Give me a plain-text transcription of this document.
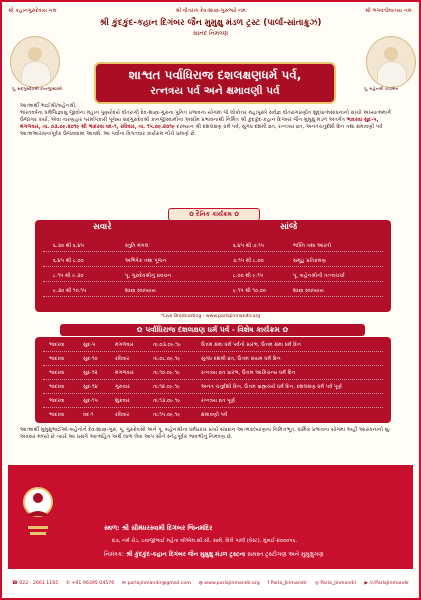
શ્રી કહાનગુરુદેવાય નમઃ	શ્રી વીતરાગ દેવ-શાસ્ત્ર-ગુરુભ્યો નમઃ	શ્રી ભગવતીમાતાય નમઃ
શ્રી કુંદકુંદ-કહાન દિગંબર જૈન મુમુક્ષુ મંડળ ટ્રસ્ટ (પાર્લા-સાંતાક્રુઝ)
સાનંદ નિમંત્રણ
પૂ. સદ્ગુરુદેવશ્રી કાનજીસ્વામી	પૂ. બહેનશ્રી ચંપાબેન
શાશ્વત પર્વાધિરાજ દશલક્ષણધર્મ પર્વ,
રત્નત્રય પર્વ અને ક્ષમાવણી પર્વ
આત્માર્થી ભાઈશ્રી/બહેનશ્રી,
ભારતવર્ષના ધર્મજિજ્ઞાસુ જીવોના મહાન પુણ્યોદયે વીતરાગી દેવ-શાસ્ત્ર-ગુરુના પુનિત પ્રભાવના યોગમાં જે લોકોત્તર મહાપુરુષે સર્વજ્ઞ વીતરાગપ્રણીત શુદ્ધાત્મસાધનાનો સાચો અધ્યાત્મમાર્ગ ઉજાગર કર્યો, એવા તારણહાર પરમોપકારી પૂજ્ય સદ્ગુરુદેવશ્રી કાનજીસ્વામીના અસીમ પ્રભાવનાથી નિર્મિત શ્રી કુંદકુંદ-કહાન દિગંબર જૈન મુમુક્ષુ મંડળ અંતર્ગત ભાદરવા સુદ-૫, મંગળવાર, તા. ૦૩.૦૯.૨૦૧૯ થી ભાદરવા વદ-૧, રવિવાર, તા. ૧૫.૦૯.૨૦૧૯ દરમ્યાન શ્રી દશલક્ષણ ધર્મ પર્વ, સુગંધ દશમી વ્રત, રત્નત્રય વ્રત, અનંતચતુર્દશી દિન તથા ક્ષમાવણી પર્વ આત્મઆરાધનાપૂર્વક ઉજવવામાં આવશે. આ પર્વોના વિગતવાર કાર્યક્રમ નીચે પ્રમાણે છે.
✿ દૈનિક કાર્યક્રમ ✿
સવારે	સાંજે
૬.૩૦ થી ૬.૪૫	સ્તુતિ મંગલ	૬.૪૫ થી ૭.૧૫	ભક્તિ તથા આરતી
૬.૪૫ થી ૮.૦૦	અભિષેક તથા પૂજન	૭.૧૫ થી ૮.૦૦	સમૂહ પ્રતિક્રમણ
૮.૧૫ થી ૯.૩૦	પૂ. ગુરુદેવશ્રીનું પ્રવચન	૮.૦૦ થી ૯.૧૫	પૂ. બહેનશ્રીની તત્ત્વચર્ચા
૯.૩૦ થી ૧૦.૧૫	શાસ્ત્ર સ્વાધ્યાય	૯.૧૫ થી ૧૦.૦૦	શાસ્ત્ર સ્વાધ્યાય
*Live Brodcasting - www.parlajinmandir.org
✿ પર્વાધિરાજ દશલક્ષણ ધર્મ પર્વ - વિશેષ કાર્યક્રમ ✿
ભાદરવા	સુદ-૫	મંગળવાર	તા.૦૩.૦૯.૧૯	ઉત્તમ ક્ષમા ધર્મ પર્વનો પ્રારંભ, ઉત્તમ ક્ષમા ધર્મ દિન
ભાદરવા	સુદ-૧૦	રવિવાર	તા.૦૮.૦૯.૧૯	સુગંધ દશમી વ્રત, ઉત્તમ સંયમ ધર્મ દિન
ભાદરવા	સુદ-૧૨	મંગળવાર	તા.૧૦.૦૯.૧૯	રત્નત્રય વ્રત પ્રારંભ, ઉત્તમ આકિંચન્ય ધર્મ દિન
ભાદરવા	સુદ-૧૪	ગુરુવાર	તા.૧૨.૦૯.૧૯	અનંત ચતુર્દશી દિન, ઉત્તમ બ્રહ્મચર્ય ધર્મ દિન, દશલક્ષણ ધર્મ પર્વ પૂર્ણ
ભાદરવા	સુદ-૧૫	શુક્રવાર	તા.૧૩.૦૯.૧૯	રત્નત્રય વ્રત પૂર્ણ
ભાદરવા	વદ-૧	રવિવાર	તા.૧૫.૦૯.૧૯	ક્ષમાવણી પર્વ
આત્માર્થી મુમુક્ષુભાઈઓ-બહેનોને દેવ-શાસ્ત્ર-ગુરુ, પૂ. ગુરુદેવશ્રી અને પૂ. બહેનશ્રીના ધર્મપ્રકાર પ્રત્યે સંપ્રદાન આત્મકલ્યાણના નિમિત્તભૂત, ધાર્મિક પ્રભાવના યોગમાં અહીં આરાધનાનો સુ-અવસર મળ્યો છે ત્યારે આ પ્રસંગે આત્મહિત અર્થે લાભ લેવા આપ સૌને સ્નેહપૂર્વક ભાવભીનું નિમંત્રણ છે.
સ્થળ: શ્રી સીમંધરસ્વામી દિગંબર જિનમંદિર
૪૭, નર્મ રોડ, ઇવાજીભાઈ મહેતા બીએમ.સી.સી. સામે, વિલે પાર્લા (વેસ્ટ), મુંબઈ-૪૦૦૦૫૬.
નિમંત્રક: શ્રી કુંદકુંદ-કહાન દિગંબર જૈન મુમુક્ષુ મંડળ ટ્રસ્ટના સમસ્ત ટ્રસ્ટીગણ અને મુમુક્ષુગણ
☎ 022 - 2661 1165 ✆ +91 96395 04576 ✉ parlajinmandir@gmail.com ◍ www.parlajinmandir.org f Parla_Jinmandir ◎ Parla_Jinmandir ▶ /c/ParlaJinmandir
